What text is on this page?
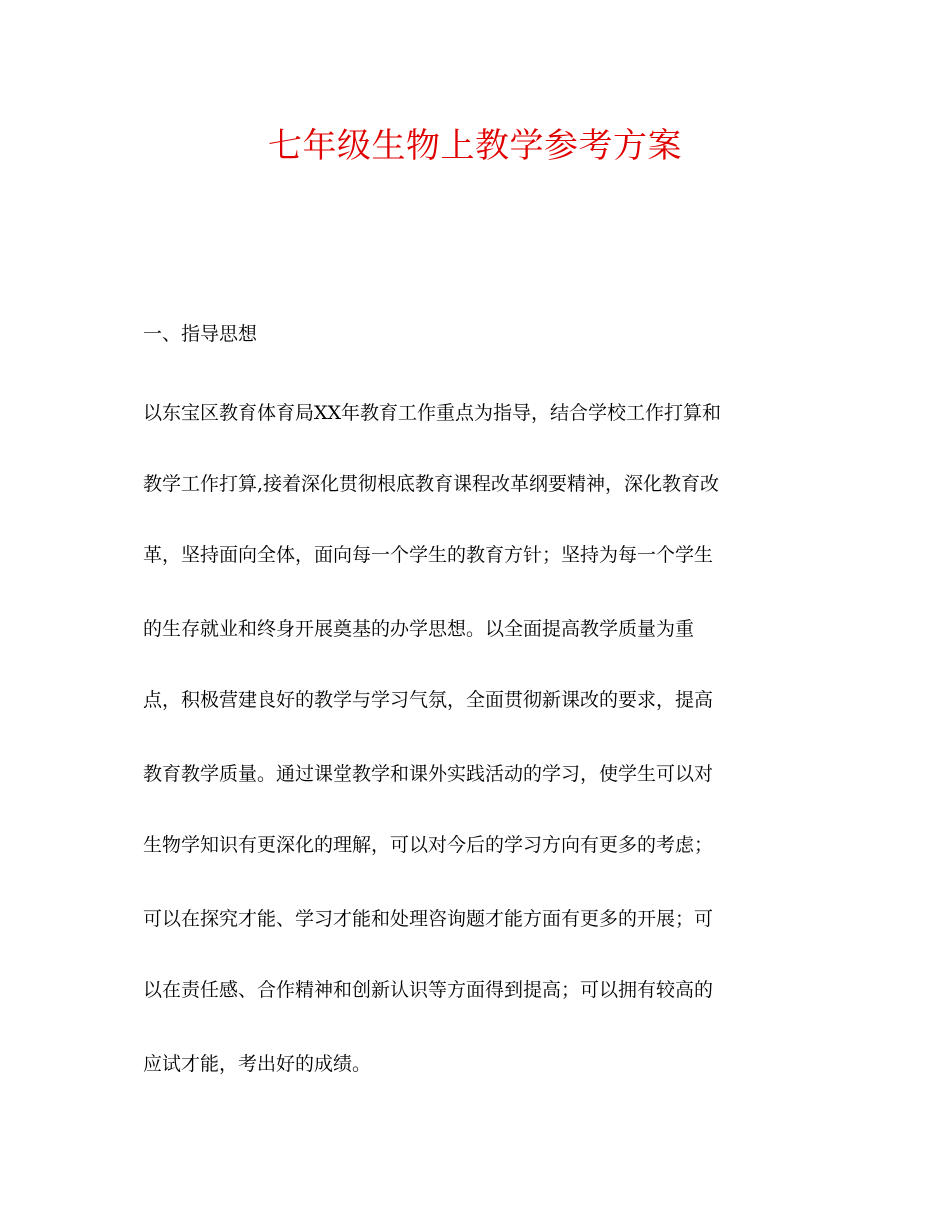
七年级生物上教学参考方案

一、指导思想

以东宝区教育体育局XX年教育工作重点为指导，结合学校工作打算和

教学工作打算,接着深化贯彻根底教育课程改革纲要精神，深化教育改

革，坚持面向全体，面向每一个学生的教育方针；坚持为每一个学生

的生存就业和终身开展奠基的办学思想。以全面提高教学质量为重

点，积极营建良好的教学与学习气氛，全面贯彻新课改的要求，提高

教育教学质量。通过课堂教学和课外实践活动的学习，使学生可以对

生物学知识有更深化的理解，可以对今后的学习方向有更多的考虑；

可以在探究才能、学习才能和处理咨询题才能方面有更多的开展；可

以在责任感、合作精神和创新认识等方面得到提高；可以拥有较高的

应试才能，考出好的成绩。
